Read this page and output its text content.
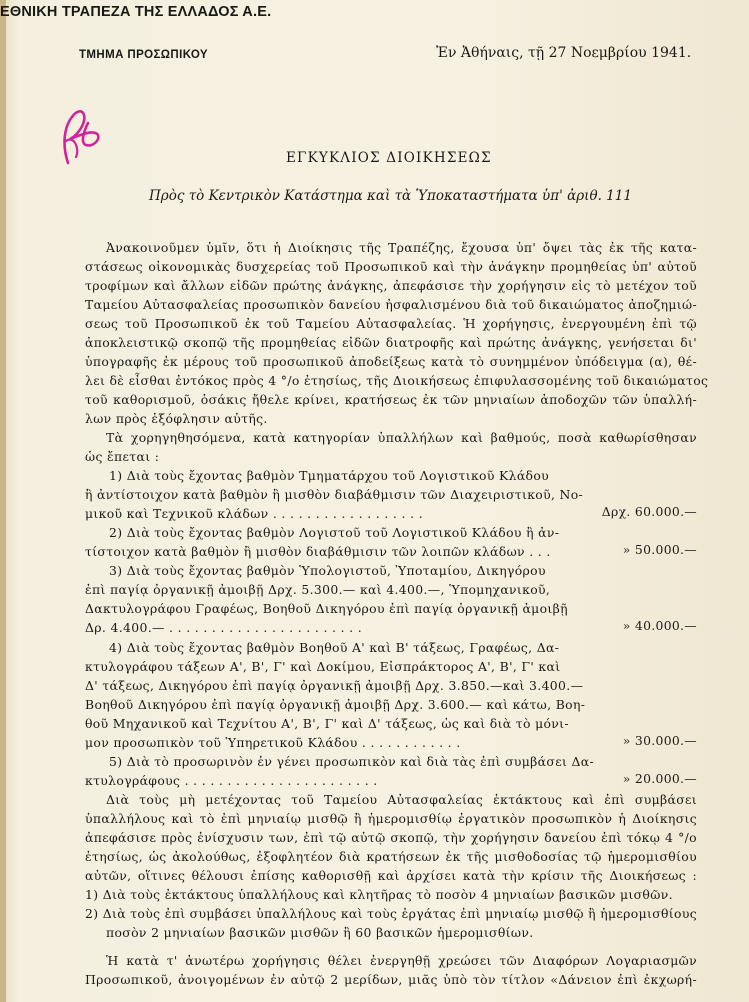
ΕΘΝΙΚΗ ΤΡΑΠΕΖΑ ΤΗΣ ΕΛΛΑΔΟΣ Α.Ε.
ΤΜΗΜΑ ΠΡΟΣΩΠΙΚΟΥ	Ἐν Ἀθήναις, τῇ 27 Νοεμβρίου 1941.
ΕΓΚΥΚΛΙΟΣ ΔΙΟΙΚΗΣΕΩΣ
Πρὸς τὸ Κεντρικὸν Κατάστημα καὶ τὰ Ὑποκαταστήματα ὑπ' ἀριθ. 111
Ἀνακοινοῦμεν ὑμῖν, ὅτι ἡ Διοίκησις τῆς Τραπέζης, ἔχουσα ὑπ' ὄψει τὰς ἐκ τῆς κατα-
στάσεως οἰκονομικὰς δυσχερείας τοῦ Προσωπικοῦ καὶ τὴν ἀνάγκην προμηθείας ὑπ' αὐτοῦ
τροφίμων καὶ ἄλλων εἰδῶν πρώτης ἀνάγκης, ἀπεφάσισε τὴν χορήγησιν εἰς τὸ μετέχον τοῦ
Ταμείου Αὐτασφαλείας προσωπικὸν δανείου ἠσφαλισμένου διὰ τοῦ δικαιώματος ἀποζημιώ-
σεως τοῦ Προσωπικοῦ ἐκ τοῦ Ταμείου Αὐτασφαλείας. Ἡ χορήγησις, ἐνεργουμένη ἐπὶ τῷ
ἀποκλειστικῷ σκοπῷ τῆς προμηθείας εἰδῶν διατροφῆς καὶ πρώτης ἀνάγκης, γενήσεται δι'
ὑπογραφῆς ἐκ μέρους τοῦ προσωπικοῦ ἀποδείξεως κατὰ τὸ συνημμένον ὑπόδειγμα (α), θέ-
λει δὲ εἶσθαι ἐντόκος πρὸς 4 °/o ἐτησίως, τῆς Διοικήσεως ἐπιφυλασσομένης τοῦ δικαιώματος
τοῦ καθορισμοῦ, ὁσάκις ἤθελε κρίνει, κρατήσεως ἐκ τῶν μηνιαίων ἀποδοχῶν τῶν ὑπαλλή-
λων πρὸς ἐξόφλησιν αὐτῆς.
Τὰ χορηγηθησόμενα, κατὰ κατηγορίαν ὑπαλλήλων καὶ βαθμούς, ποσὰ καθωρίσθησαν
ὡς ἔπεται :
1) Διὰ τοὺς ἔχοντας βαθμὸν Τμηματάρχου τοῦ Λογιστικοῦ Κλάδου
ἢ ἀντίστοιχον κατὰ βαθμὸν ἢ μισθὸν διαβάθμισιν τῶν Διαχειριστικοῦ, Νο-
μικοῦ καὶ Τεχνικοῦ κλάδων . . . . . . . . . . . . . . . . . .	Δρχ. 60.000.—
2) Διὰ τοὺς ἔχοντας βαθμὸν Λογιστοῦ τοῦ Λογιστικοῦ Κλάδου ἢ ἀν-
τίστοιχον κατὰ βαθμὸν ἢ μισθὸν διαβάθμισιν τῶν λοιπῶν κλάδων . . .	» 50.000.—
3) Διὰ τοὺς ἔχοντας βαθμὸν Ὑπολογιστοῦ, Ὑποταμίου, Δικηγόρου
ἐπὶ παγίᾳ ὀργανικῇ ἀμοιβῇ Δρχ. 5.300.— καὶ 4.400.—, Ὑπομηχανικοῦ,
Δακτυλογράφου Γραφέως, Βοηθοῦ Δικηγόρου ἐπὶ παγίᾳ ὀργανικῇ ἀμοιβῇ
Δρ. 4.400.— . . . . . . . . . . . . . . . . . . . . . . .	» 40.000.—
4) Διὰ τοὺς ἔχοντας βαθμὸν Βοηθοῦ Α' καὶ Β' τάξεως, Γραφέως, Δα-
κτυλογράφου τάξεων Α', Β', Γ' καὶ Δοκίμου, Εἰσπράκτορος Α', Β', Γ' καὶ
Δ' τάξεως, Δικηγόρου ἐπὶ παγίᾳ ὀργανικῇ ἀμοιβῇ Δρχ. 3.850.—καὶ 3.400.—
Βοηθοῦ Δικηγόρου ἐπὶ παγίᾳ ὀργανικῇ ἀμοιβῇ Δρχ. 3.600.— καὶ κάτω, Βοη-
θοῦ Μηχανικοῦ καὶ Τεχνίτου Α', Β', Γ' καὶ Δ' τάξεως, ὡς καὶ διὰ τὸ μόνι-
μον προσωπικὸν τοῦ Ὑπηρετικοῦ Κλάδου . . . . . . . . . . . .	» 30.000.—
5) Διὰ τὸ προσωρινὸν ἐν γένει προσωπικὸν καὶ διὰ τὰς ἐπὶ συμβάσει Δα-
κτυλογράφους . . . . . . . . . . . . . . . . . . . . . . .	» 20.000.—
Διὰ τοὺς μὴ μετέχοντας τοῦ Ταμείου Αὐτασφαλείας ἐκτάκτους καὶ ἐπὶ συμβάσει
ὑπαλλήλους καὶ τὸ ἐπὶ μηνιαίῳ μισθῷ ἢ ἡμερομισθίῳ ἐργατικὸν προσωπικὸν ἡ Διοίκησις
ἀπεφάσισε πρὸς ἐνίσχυσιν των, ἐπὶ τῷ αὐτῷ σκοπῷ, τὴν χορήγησιν δανείου ἐπὶ τόκῳ 4 °/o
ἐτησίως, ὡς ἀκολούθως, ἐξοφλητέον διὰ κρατήσεων ἐκ τῆς μισθοδοσίας τῷ ἡμερομισθίου
αὐτῶν, οἵτινες θέλουσι ἐπίσης καθορισθῇ καὶ ἀρχίσει κατὰ τὴν κρίσιν τῆς Διοικήσεως :
1) Διὰ τοὺς ἐκτάκτους ὑπαλλήλους καὶ κλητῆρας τὸ ποσὸν 4 μηνιαίων βασικῶν μισθῶν.
2) Διὰ τοὺς ἐπὶ συμβάσει ὑπαλλήλους καὶ τοὺς ἐργάτας ἐπὶ μηνιαίῳ μισθῷ ἢ ἡμερομισθίους
ποσὸν 2 μηνιαίων βασικῶν μισθῶν ἢ 60 βασικῶν ἡμερομισθίων.
Ἡ κατὰ τ' ἀνωτέρω χορήγησις θέλει ἐνεργηθῇ χρεώσει τῶν Διαφόρων Λογαριασμῶν
Προσωπικοῦ, ἀνοιγομένων ἐν αὐτῷ 2 μερίδων, μιᾶς ὑπὸ τὸν τίτλον «Δάνειον ἐπὶ ἐκχωρή-
